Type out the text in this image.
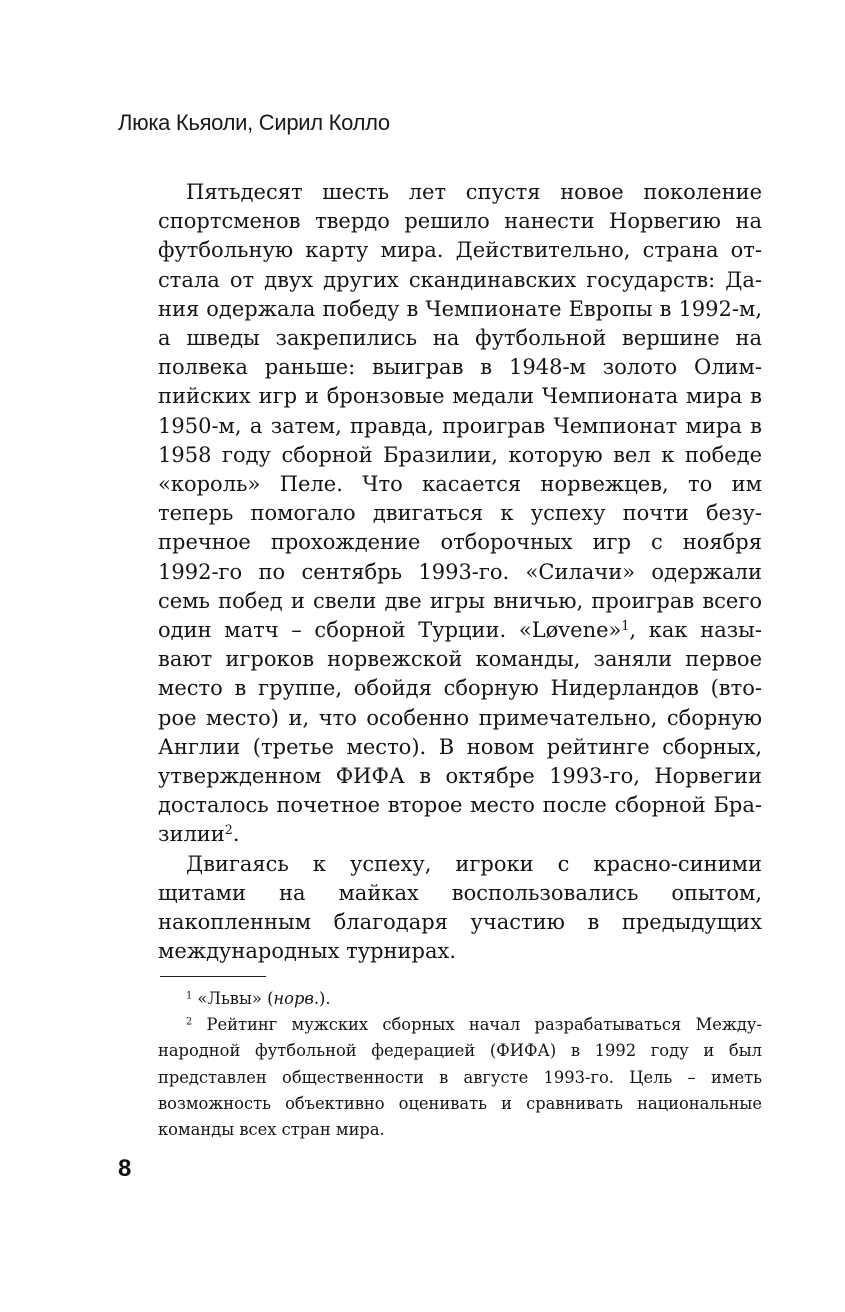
Люка Кьяоли, Сирил Колло

Пятьдесят шесть лет спустя новое поколение спортсменов твердо решило нанести Норвегию на футбольную карту мира. Действительно, страна отстала от двух других скандинавских государств: Дания одержала победу в Чемпионате Европы в 1992-м, а шведы закрепились на футбольной вершине на полвека раньше: выиграв в 1948-м золото Олимпийских игр и бронзовые медали Чемпионата мира в 1950-м, а затем, правда, проиграв Чемпионат мира в 1958 году сборной Бразилии, которую вел к победе «король» Пеле. Что касается норвежцев, то им теперь помогало двигаться к успеху почти безупречное прохождение отборочных игр с ноября 1992-го по сентябрь 1993-го. «Силачи» одержали семь побед и свели две игры вничью, проиграв всего один матч – сборной Турции. «Løvene»$^1$, как называют игроков норвежской команды, заняли первое место в группе, обойдя сборную Нидерландов (второе место) и, что особенно примечательно, сборную Англии (третье место). В новом рейтинге сборных, утвержденном ФИФА в октябре 1993-го, Норвегии досталось почетное второе место после сборной Бразилии$^2$.

Двигаясь к успеху, игроки с красно-синими щитами на майках воспользовались опытом, накопленным благодаря участию в предыдущих международных турнирах.

$^1$ «Львы» (норв.).

$^2$ Рейтинг мужских сборных начал разрабатываться Международной футбольной федерацией (ФИФА) в 1992 году и был представлен общественности в августе 1993-го. Цель – иметь возможность объективно оценивать и сравнивать национальные команды всех стран мира.

8
